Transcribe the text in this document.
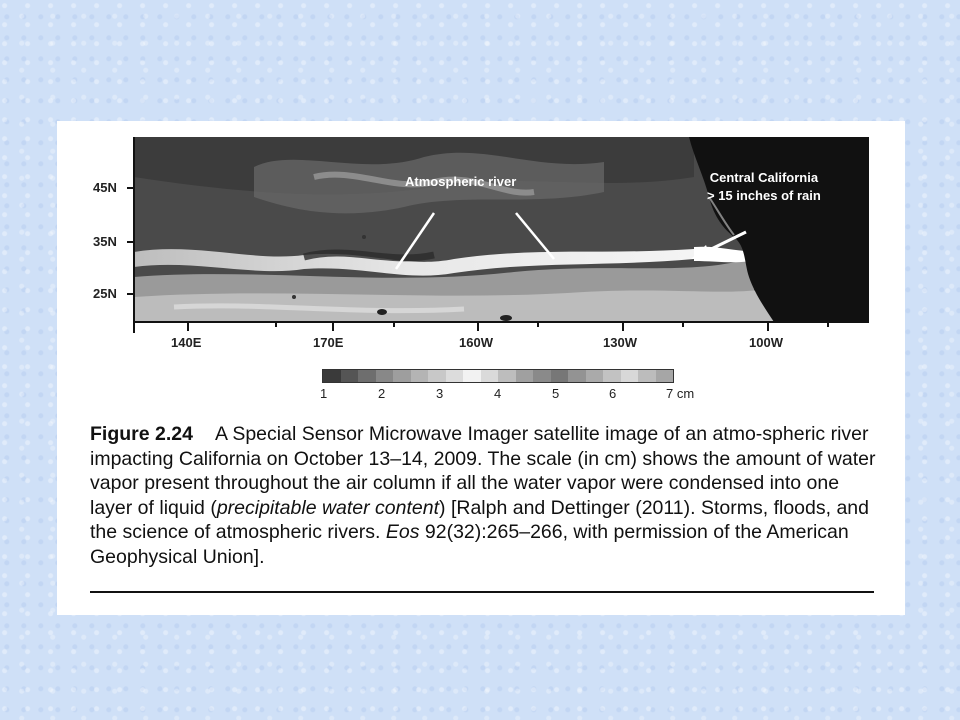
45N
35N
25N
140E	170E	160W	130W	100W
Atmospheric river	Central California
> 15 inches of rain
1	2	3	4	5	6	7 cm
Figure 2.24 A Special Sensor Microwave Imager satellite image of an atmo-spheric river impacting California on October 13–14, 2009. The scale (in cm) shows the amount of water vapor present throughout the air column if all the water vapor were condensed into one layer of liquid (precipitable water content) [Ralph and Dettinger (2011). Storms, floods, and the science of atmospheric rivers. Eos 92(32):265–266, with permission of the American Geophysical Union].
